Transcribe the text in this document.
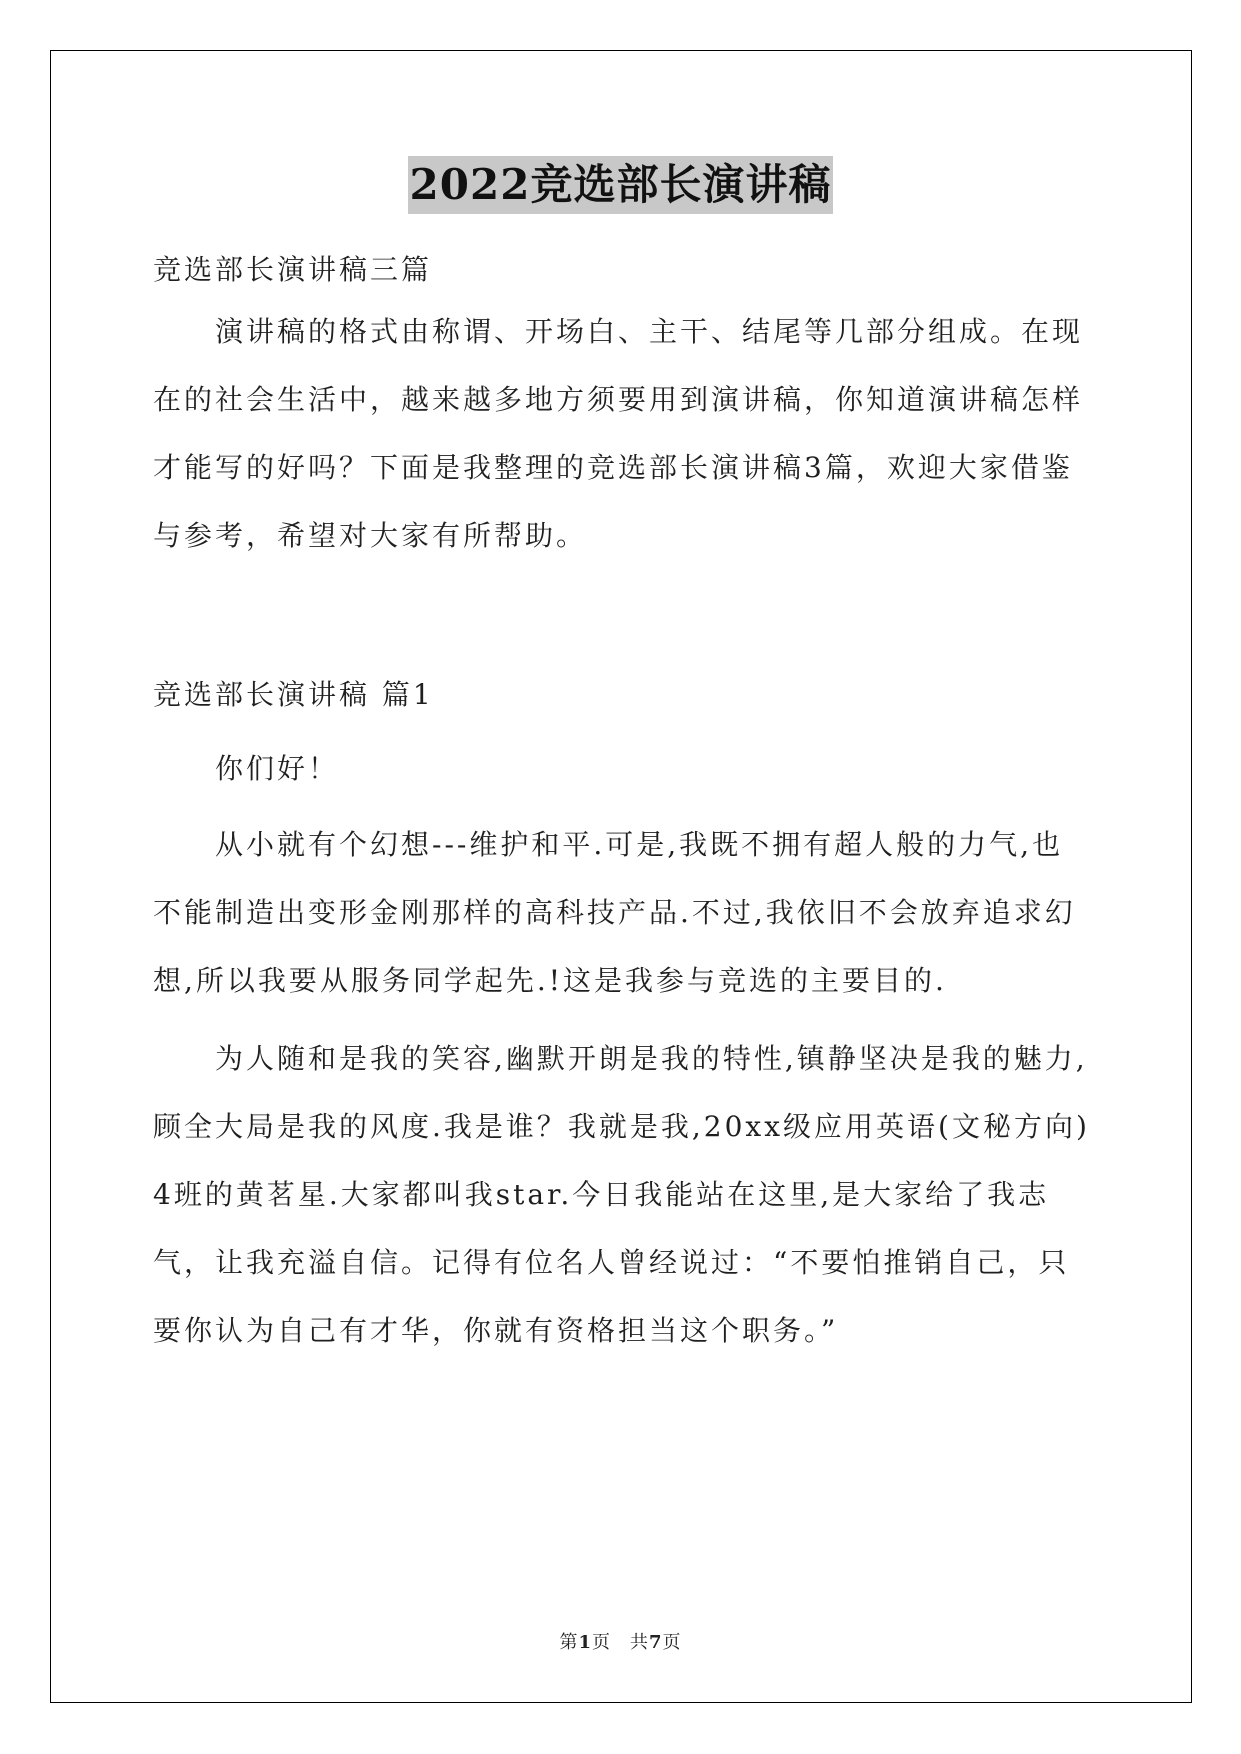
2022竞选部长演讲稿
竞选部长演讲稿三篇
演讲稿的格式由称谓、开场白、主干、结尾等几部分组成。在现在的社会生活中，越来越多地方须要用到演讲稿，你知道演讲稿怎样才能写的好吗？下面是我整理的竞选部长演讲稿3篇，欢迎大家借鉴与参考，希望对大家有所帮助。
竞选部长演讲稿 篇1
你们好！
从小就有个幻想---维护和平.可是,我既不拥有超人般的力气,也不能制造出变形金刚那样的高科技产品.不过,我依旧不会放弃追求幻想,所以我要从服务同学起先.!这是我参与竞选的主要目的.
为人随和是我的笑容,幽默开朗是我的特性,镇静坚决是我的魅力,顾全大局是我的风度.我是谁？我就是我,20xx级应用英语(文秘方向)4班的黄茗星.大家都叫我star.今日我能站在这里,是大家给了我志气，让我充溢自信。记得有位名人曾经说过：“不要怕推销自己，只要你认为自己有才华，你就有资格担当这个职务。”
第1页　共7页
